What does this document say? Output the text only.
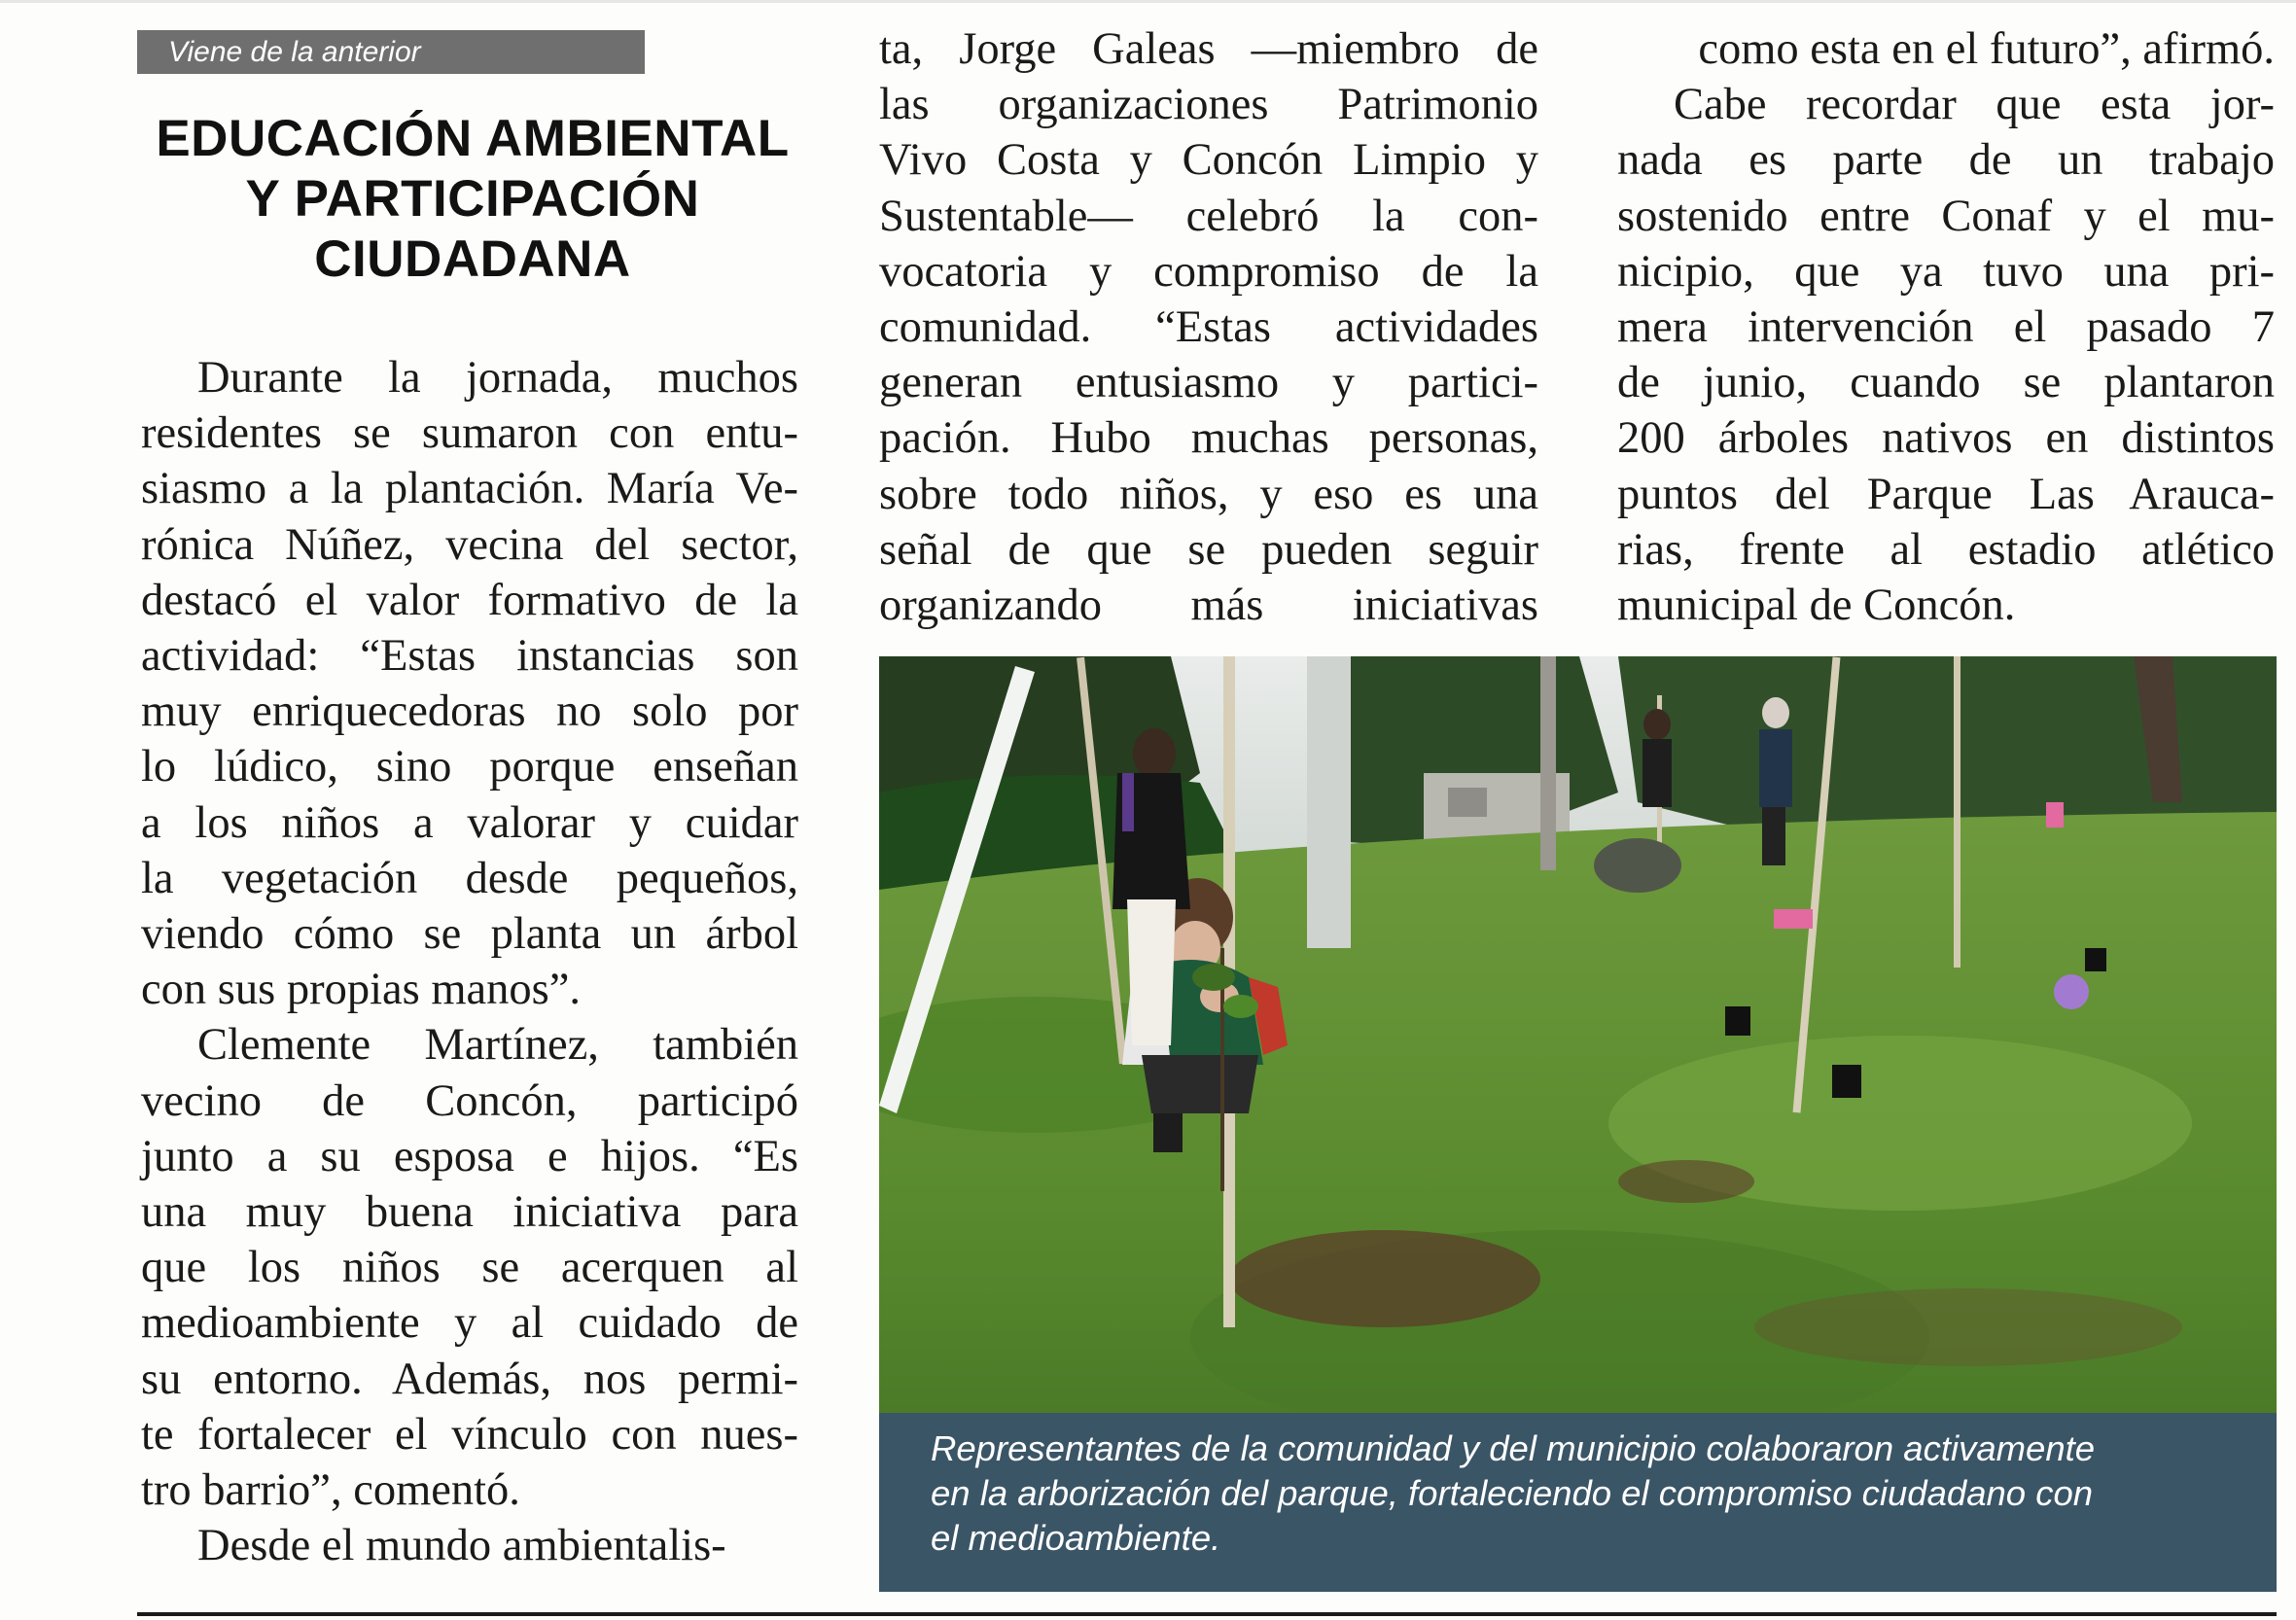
Viene de la anterior
EDUCACIÓN AMBIENTAL
Y PARTICIPACIÓN
CIUDADANA

Durante la jornada, muchos
residentes se sumaron con entu-
siasmo a la plantación. María Ve-
rónica Núñez, vecina del sector,
destacó el valor formativo de la
actividad: “Estas instancias son
muy enriquecedoras no solo por
lo lúdico, sino porque enseñan
a los niños a valorar y cuidar
la vegetación desde pequeños,
viendo cómo se planta un árbol
con sus propias manos”.

Clemente Martínez, también
vecino de Concón, participó
junto a su esposa e hijos. “Es
una muy buena iniciativa para
que los niños se acerquen al
medioambiente y al cuidado de
su entorno. Además, nos permi-
te fortalecer el vínculo con nues-
tro barrio”, comentó.

Desde el mundo ambientalis-

ta, Jorge Galeas —miembro de
las organizaciones Patrimonio
Vivo Costa y Concón Limpio y
Sustentable— celebró la con-
vocatoria y compromiso de la
comunidad. “Estas actividades
generan entusiasmo y partici-
pación. Hubo muchas personas,
sobre todo niños, y eso es una
señal de que se pueden seguir
organizando más iniciativas

como esta en el futuro”, afirmó.

Cabe recordar que esta jor-
nada es parte de un trabajo
sostenido entre Conaf y el mu-
nicipio, que ya tuvo una pri-
mera intervención el pasado 7
de junio, cuando se plantaron
200 árboles nativos en distintos
puntos del Parque Las Arauca-
rias, frente al estadio atlético
municipal de Concón.

Representantes de la comunidad y del municipio colaboraron activamente
en la arborización del parque, fortaleciendo el compromiso ciudadano con
el medioambiente.
